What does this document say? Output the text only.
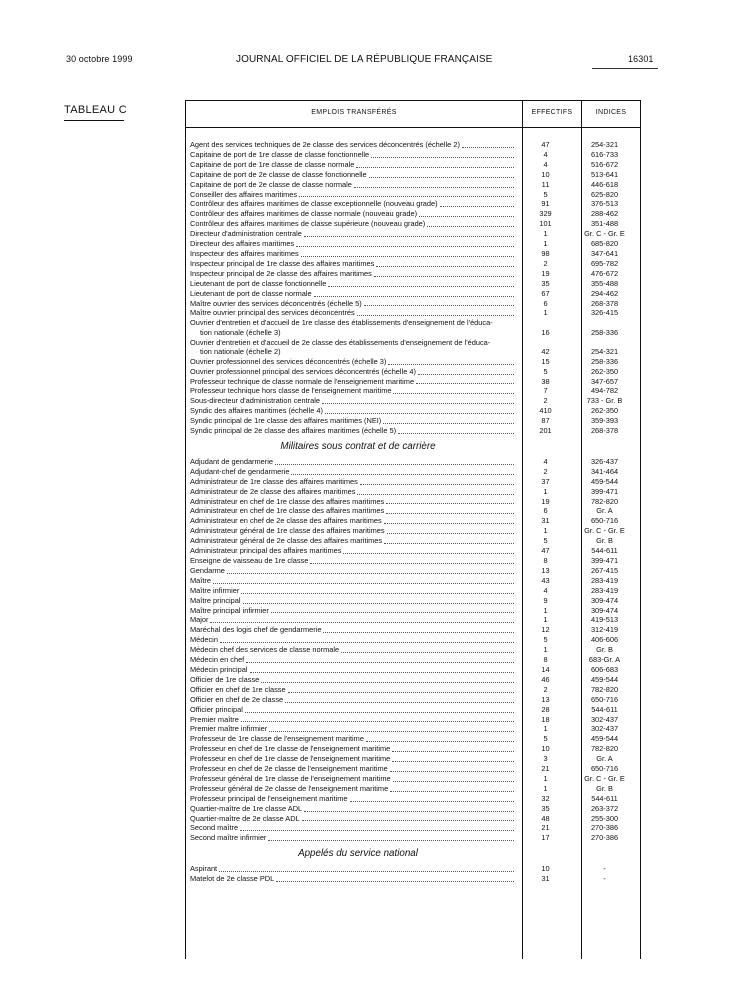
30 octobre 1999	JOURNAL OFFICIEL DE LA RÉPUBLIQUE FRANÇAISE	16301
TABLEAU C	EMPLOIS TRANSFÉRÉS	EFFECTIFS	INDICES
Agent des services techniques de 2e classe des services déconcentrés (échelle 2)	47	254-321
Capitaine de port de 1re classe de classe fonctionnelle	4	616-733
Capitaine de port de 1re classe de classe normale	4	516-672
Capitaine de port de 2e classe de classe fonctionnelle	10	513-641
Capitaine de port de 2e classe de classe normale	11	446-618
Conseiller des affaires maritimes	5	625-820
Contrôleur des affaires maritimes de classe exceptionnelle (nouveau grade)	91	376-513
Contrôleur des affaires maritimes de classe normale (nouveau grade)	329	288-462
Contrôleur des affaires maritimes de classe supérieure (nouveau grade)	101	351-488
Directeur d'administration centrale	1	Gr. C - Gr. E
Directeur des affaires maritimes	1	685-820
Inspecteur des affaires maritimes	98	347-641
Inspecteur principal de 1re classe des affaires maritimes	2	695-782
Inspecteur principal de 2e classe des affaires maritimes	19	476-672
Lieutenant de port de classe fonctionnelle	35	355-488
Lieutenant de port de classe normale	67	294-462
Maître ouvrier des services déconcentrés (échelle 5)	6	268-378
Maître ouvrier principal des services déconcentrés	1	326-415
Ouvrier d'entretien et d'accueil de 1re classe des établissements d'enseignement de l'éduca-
tion nationale (échelle 3)	16	258-336
Ouvrier d'entretien et d'accueil de 2e classe des établissements d'enseignement de l'éduca-
tion nationale (échelle 2)	42	254-321
Ouvrier professionnel des services déconcentrés (échelle 3)	15	258-336
Ouvrier professionnel principal des services déconcentrés (échelle 4)	5	262-350
Professeur technique de classe normale de l'enseignement maritime	38	347-657
Professeur technique hors classe de l'enseignement maritime	7	494-782
Sous-directeur d'administration centrale	2	733 - Gr. B
Syndic des affaires maritimes (échelle 4)	410	262-350
Syndic principal de 1re classe des affaires maritimes (NEI)	87	359-393
Syndic principal de 2e classe des affaires maritimes (échelle 5)	201	268-378
Militaires sous contrat et de carrière
Adjudant de gendarmerie	4	326-437
Adjudant-chef de gendarmerie	2	341-464
Administrateur de 1re classe des affaires maritimes	37	459-544
Administrateur de 2e classe des affaires maritimes	1	399-471
Administrateur en chef de 1re classe des affaires maritimes	19	782-820
Administrateur en chef de 1re classe des affaires maritimes	6	Gr. A
Administrateur en chef de 2e classe des affaires maritimes	31	650-716
Administrateur général de 1re classe des affaires maritimes	1	Gr. C - Gr. E
Administrateur général de 2e classe des affaires maritimes	5	Gr. B
Administrateur principal des affaires maritimes	47	544-611
Enseigne de vaisseau de 1re classe	8	399-471
Gendarme	13	267-415
Maître	43	283-419
Maître infirmier	4	283-419
Maître principal	9	309-474
Maître principal infirmier	1	309-474
Major	1	419-513
Maréchal des logis chef de gendarmerie	12	312-419
Médecin	5	406-606
Médecin chef des services de classe normale	1	Gr. B
Médecin en chef	8	683-Gr. A
Médecin principal	14	606-683
Officier de 1re classe	46	459-544
Officier en chef de 1re classe	2	782-820
Officier en chef de 2e classe	13	650-716
Officier principal	28	544-611
Premier maître	18	302-437
Premier maître infirmier	1	302-437
Professeur de 1re classe de l'enseignement maritime	5	459-544
Professeur en chef de 1re classe de l'enseignement maritime	10	782-820
Professeur en chef de 1re classe de l'enseignement maritime	3	Gr. A
Professeur en chef de 2e classe de l'enseignement maritime	21	650-716
Professeur général de 1re classe de l'enseignement maritime	1	Gr. C - Gr. E
Professeur général de 2e classe de l'enseignement maritime	1	Gr. B
Professeur principal de l'enseignement maritime	32	544-611
Quartier-maître de 1re classe ADL	35	263-372
Quartier-maître de 2e classe ADL	48	255-300
Second maître	21	270-386
Second maître infirmier	17	270-386
Appelés du service national
Aspirant	10	-
Matelot de 2e classe PDL	31	-
